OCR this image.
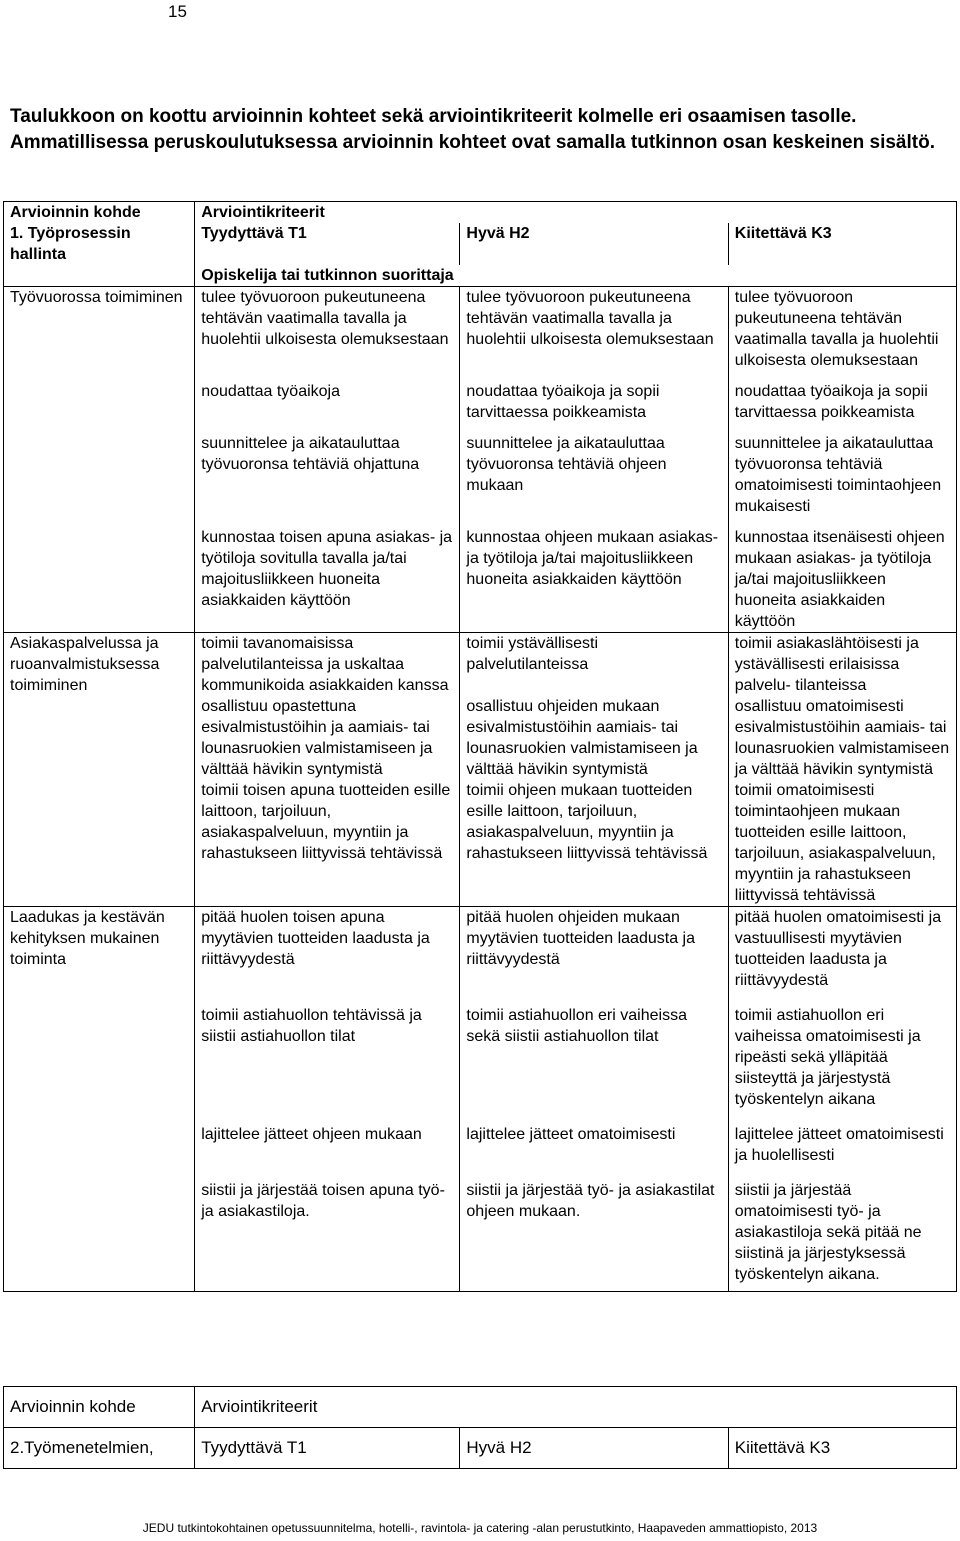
15

Taulukkoon on koottu arvioinnin kohteet sekä arviointikriteerit kolmelle eri osaamisen tasolle. Ammatillisessa peruskoulutuksessa arvioinnin kohteet ovat samalla tutkinnon osan keskeinen sisältö.

Arvioinnin kohde	Arviointikriteerit		
1. Työprosessin hallinta	Tyydyttävä T1	Hyvä H2	Kiitettävä K3
	Opiskelija tai tutkinnon suorittaja		
Työvuorossa toimiminen	tulee työvuoroon pukeutuneena tehtävän vaatimalla tavalla ja huolehtii ulkoisesta olemuksestaan	tulee työvuoroon pukeutuneena tehtävän vaatimalla tavalla ja huolehtii ulkoisesta olemuksestaan	tulee työvuoroon pukeutuneena tehtävän vaatimalla tavalla ja huolehtii ulkoisesta olemuksestaan
	noudattaa työaikoja	noudattaa työaikoja ja sopii tarvittaessa poikkeamista	noudattaa työaikoja ja sopii tarvittaessa poikkeamista
	suunnittelee ja aikatauluttaa työvuoronsa tehtäviä ohjattuna	suunnittelee ja aikatauluttaa työvuoronsa tehtäviä ohjeen mukaan	suunnittelee ja aikatauluttaa työvuoronsa tehtäviä omatoimisesti toimintaohjeen mukaisesti
	kunnostaa toisen apuna asiakas- ja työtiloja sovitulla tavalla ja/tai majoitusliikkeen huoneita asiakkaiden käyttöön	kunnostaa ohjeen mukaan asiakas- ja työtiloja ja/tai majoitusliikkeen huoneita asiakkaiden käyttöön	kunnostaa itsenäisesti ohjeen mukaan asiakas- ja työtiloja ja/tai majoitusliikkeen huoneita asiakkaiden käyttöön
Asiakaspalvelussa ja ruoanvalmistuksessa toimiminen	toimii tavanomaisissa palvelutilanteissa ja uskaltaa kommunikoida asiakkaiden kanssa	toimii ystävällisesti palvelutilanteissa	toimii asiakaslähtöisesti ja ystävällisesti erilaisissa palvelu- tilanteissa
	osallistuu opastettuna esivalmistustöihin ja aamiais- tai lounasruokien valmistamiseen ja välttää hävikin syntymistä	osallistuu ohjeiden mukaan esivalmistustöihin aamiais- tai lounasruokien valmistamiseen ja välttää hävikin syntymistä	osallistuu omatoimisesti esivalmistustöihin aamiais- tai lounasruokien valmistamiseen ja välttää hävikin syntymistä
	toimii toisen apuna tuotteiden esille laittoon, tarjoiluun, asiakaspalveluun, myyntiin ja rahastukseen liittyvissä tehtävissä	toimii ohjeen mukaan tuotteiden esille laittoon, tarjoiluun, asiakaspalveluun, myyntiin ja rahastukseen liittyvissä tehtävissä	toimii omatoimisesti toimintaohjeen mukaan tuotteiden esille laittoon, tarjoiluun, asiakaspalveluun, myyntiin ja rahastukseen liittyvissä tehtävissä
Laadukas ja kestävän kehityksen mukainen toiminta	pitää huolen toisen apuna myytävien tuotteiden laadusta ja riittävyydestä	pitää huolen ohjeiden mukaan myytävien tuotteiden laadusta ja riittävyydestä	pitää huolen omatoimisesti ja vastuullisesti myytävien tuotteiden laadusta ja riittävyydestä
	toimii astiahuollon tehtävissä ja siistii astiahuollon tilat	toimii astiahuollon eri vaiheissa sekä siistii astiahuollon tilat	toimii astiahuollon eri vaiheissa omatoimisesti ja ripeästi sekä ylläpitää siisteyttä ja järjestystä työskentelyn aikana
	lajittelee jätteet ohjeen mukaan	lajittelee jätteet omatoimisesti	lajittelee jätteet omatoimisesti ja huolellisesti
	siistii ja järjestää toisen apuna työ- ja asiakastiloja.	siistii ja järjestää työ- ja asiakastilat ohjeen mukaan.	siistii ja järjestää omatoimisesti työ- ja asiakastiloja sekä pitää ne siistinä ja järjestyksessä työskentelyn aikana.
Arvioinnin kohde	Arviointikriteerit		
2.Työmenetelmien,	Tyydyttävä T1	Hyvä H2	Kiitettävä K3
JEDU tutkintokohtainen opetussuunnitelma, hotelli-, ravintola- ja catering -alan perustutkinto, Haapaveden ammattiopisto, 2013
